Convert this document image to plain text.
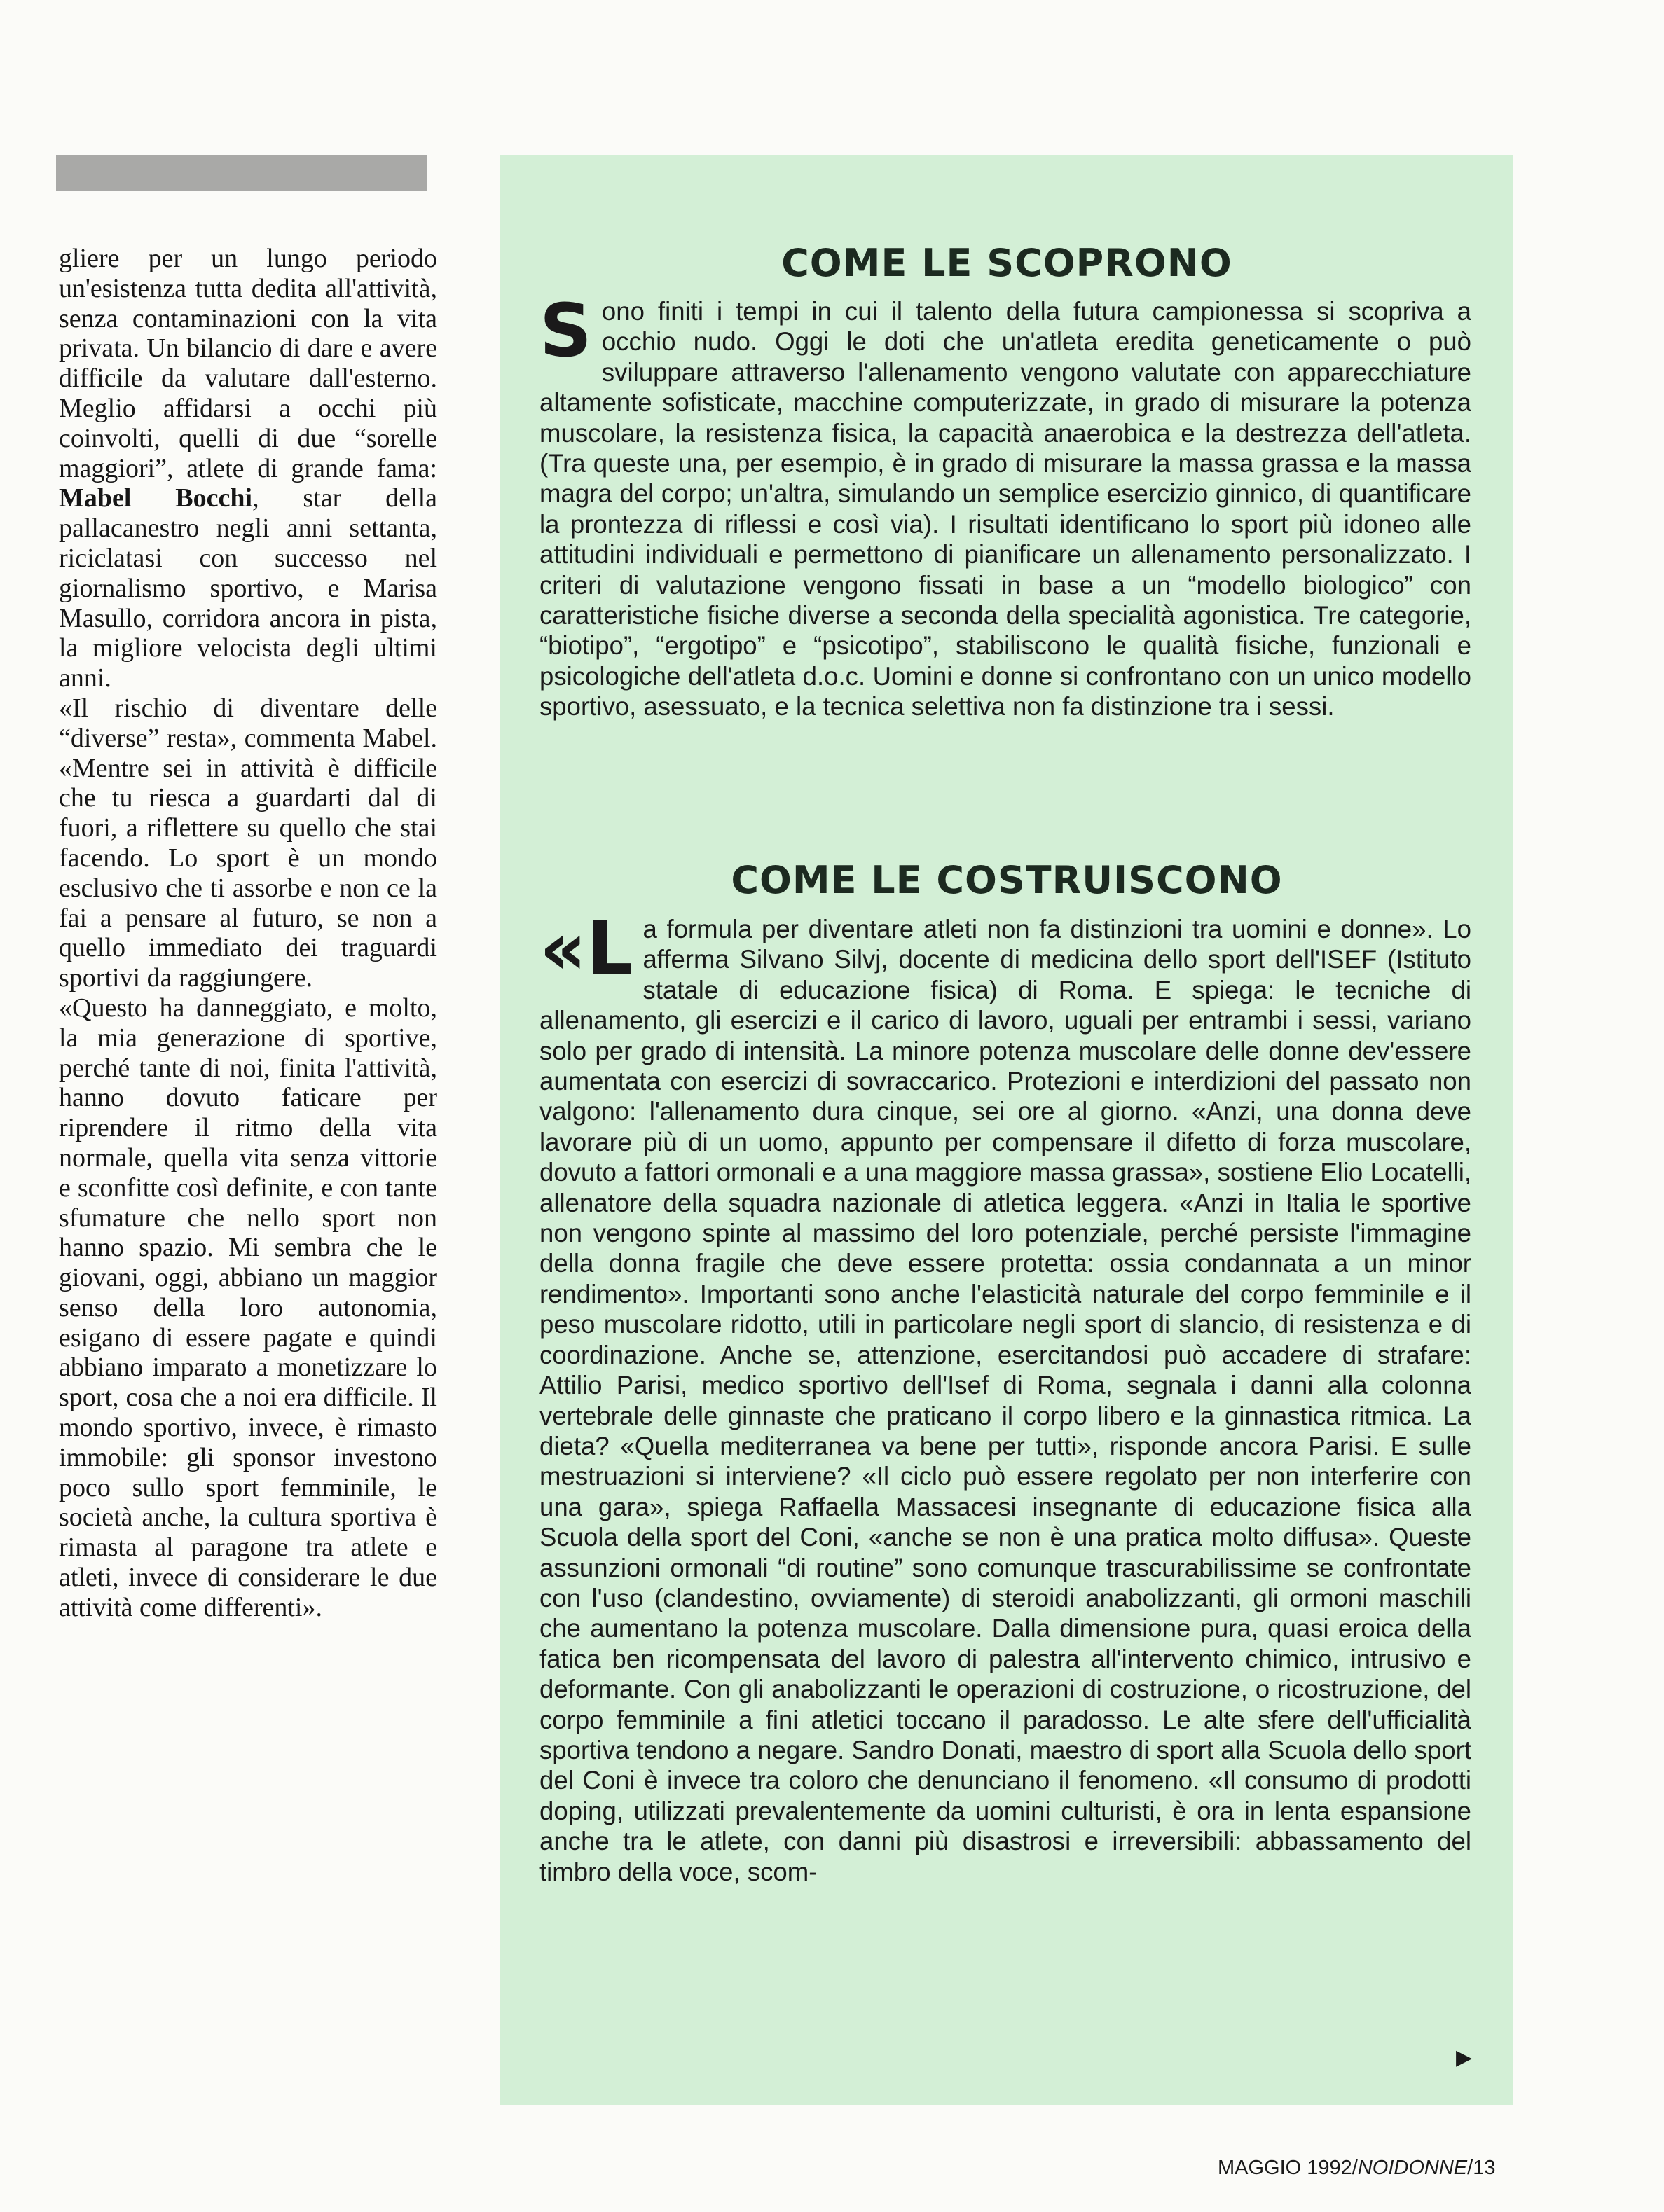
gliere per un lungo periodo un'esistenza tutta dedita all'attività, senza contaminazioni con la vita privata. Un bilancio di dare e avere difficile da valutare dall'esterno. Meglio affidarsi a occhi più coinvolti, quelli di due “sorelle maggiori”, atlete di grande fama: Mabel Bocchi, star della pallacanestro negli anni settanta, riciclatasi con successo nel giornalismo sportivo, e Marisa Masullo, corridora ancora in pista, la migliore velocista degli ultimi anni.

«Il rischio di diventare delle “diverse” resta», commenta Mabel. «Mentre sei in attività è difficile che tu riesca a guardarti dal di fuori, a riflettere su quello che stai facendo. Lo sport è un mondo esclusivo che ti assorbe e non ce la fai a pensare al futuro, se non a quello immediato dei traguardi sportivi da raggiungere.

«Questo ha danneggiato, e molto, la mia generazione di sportive, perché tante di noi, finita l'attività, hanno dovuto faticare per riprendere il ritmo della vita normale, quella vita senza vittorie e sconfitte così definite, e con tante sfumature che nello sport non hanno spazio. Mi sembra che le giovani, oggi, abbiano un maggior senso della loro autonomia, esigano di essere pagate e quindi abbiano imparato a monetizzare lo sport, cosa che a noi era difficile. Il mondo sportivo, invece, è rimasto immobile: gli sponsor investono poco sullo sport femminile, le società anche, la cultura sportiva è rimasta al paragone tra atlete e atleti, invece di considerare le due attività come differenti».

COME LE SCOPRONO

Sono finiti i tempi in cui il talento della futura campionessa si scopriva a occhio nudo. Oggi le doti che un'atleta eredita geneticamente o può sviluppare attraverso l'allenamento vengono valutate con apparecchiature altamente sofisticate, macchine computerizzate, in grado di misurare la potenza muscolare, la resistenza fisica, la capacità anaerobica e la destrezza dell'atleta. (Tra queste una, per esempio, è in grado di misurare la massa grassa e la massa magra del corpo; un'altra, simulando un semplice esercizio ginnico, di quantificare la prontezza di riflessi e così via). I risultati identificano lo sport più idoneo alle attitudini individuali e permettono di pianificare un allenamento personalizzato. I criteri di valutazione vengono fissati in base a un “modello biologico” con caratteristiche fisiche diverse a seconda della specialità agonistica. Tre categorie, “biotipo”, “ergotipo” e “psicotipo”, stabiliscono le qualità fisiche, funzionali e psicologiche dell'atleta d.o.c. Uomini e donne si confrontano con un unico modello sportivo, asessuato, e la tecnica selettiva non fa distinzione tra i sessi.

COME LE COSTRUISCONO

«La formula per diventare atleti non fa distinzioni tra uomini e donne». Lo afferma Silvano Silvj, docente di medicina dello sport dell'ISEF (Istituto statale di educazione fisica) di Roma. E spiega: le tecniche di allenamento, gli esercizi e il carico di lavoro, uguali per entrambi i sessi, variano solo per grado di intensità. La minore potenza muscolare delle donne dev'essere aumentata con esercizi di sovraccarico. Protezioni e interdizioni del passato non valgono: l'allenamento dura cinque, sei ore al giorno. «Anzi, una donna deve lavorare più di un uomo, appunto per compensare il difetto di forza muscolare, dovuto a fattori ormonali e a una maggiore massa grassa», sostiene Elio Locatelli, allenatore della squadra nazionale di atletica leggera. «Anzi in Italia le sportive non vengono spinte al massimo del loro potenziale, perché persiste l'immagine della donna fragile che deve essere protetta: ossia condannata a un minor rendimento». Importanti sono anche l'elasticità naturale del corpo femminile e il peso muscolare ridotto, utili in particolare negli sport di slancio, di resistenza e di coordinazione. Anche se, attenzione, esercitandosi può accadere di strafare: Attilio Parisi, medico sportivo dell'Isef di Roma, segnala i danni alla colonna vertebrale delle ginnaste che praticano il corpo libero e la ginnastica ritmica. La dieta? «Quella mediterranea va bene per tutti», risponde ancora Parisi. E sulle mestruazioni si interviene? «Il ciclo può essere regolato per non interferire con una gara», spiega Raffaella Massacesi insegnante di educazione fisica alla Scuola della sport del Coni, «anche se non è una pratica molto diffusa». Queste assunzioni ormonali “di routine” sono comunque trascurabilissime se confrontate con l'uso (clandestino, ovviamente) di steroidi anabolizzanti, gli ormoni maschili che aumentano la potenza muscolare. Dalla dimensione pura, quasi eroica della fatica ben ricompensata del lavoro di palestra all'intervento chimico, intrusivo e deformante. Con gli anabolizzanti le operazioni di costruzione, o ricostruzione, del corpo femminile a fini atletici toccano il paradosso. Le alte sfere dell'ufficialità sportiva tendono a negare. Sandro Donati, maestro di sport alla Scuola dello sport del Coni è invece tra coloro che denunciano il fenomeno. «Il consumo di prodotti doping, utilizzati prevalentemente da uomini culturisti, è ora in lenta espansione anche tra le atlete, con danni più disastrosi e irreversibili: abbassamento del timbro della voce, scom-

▶
MAGGIO 1992/NOIDONNE/13
